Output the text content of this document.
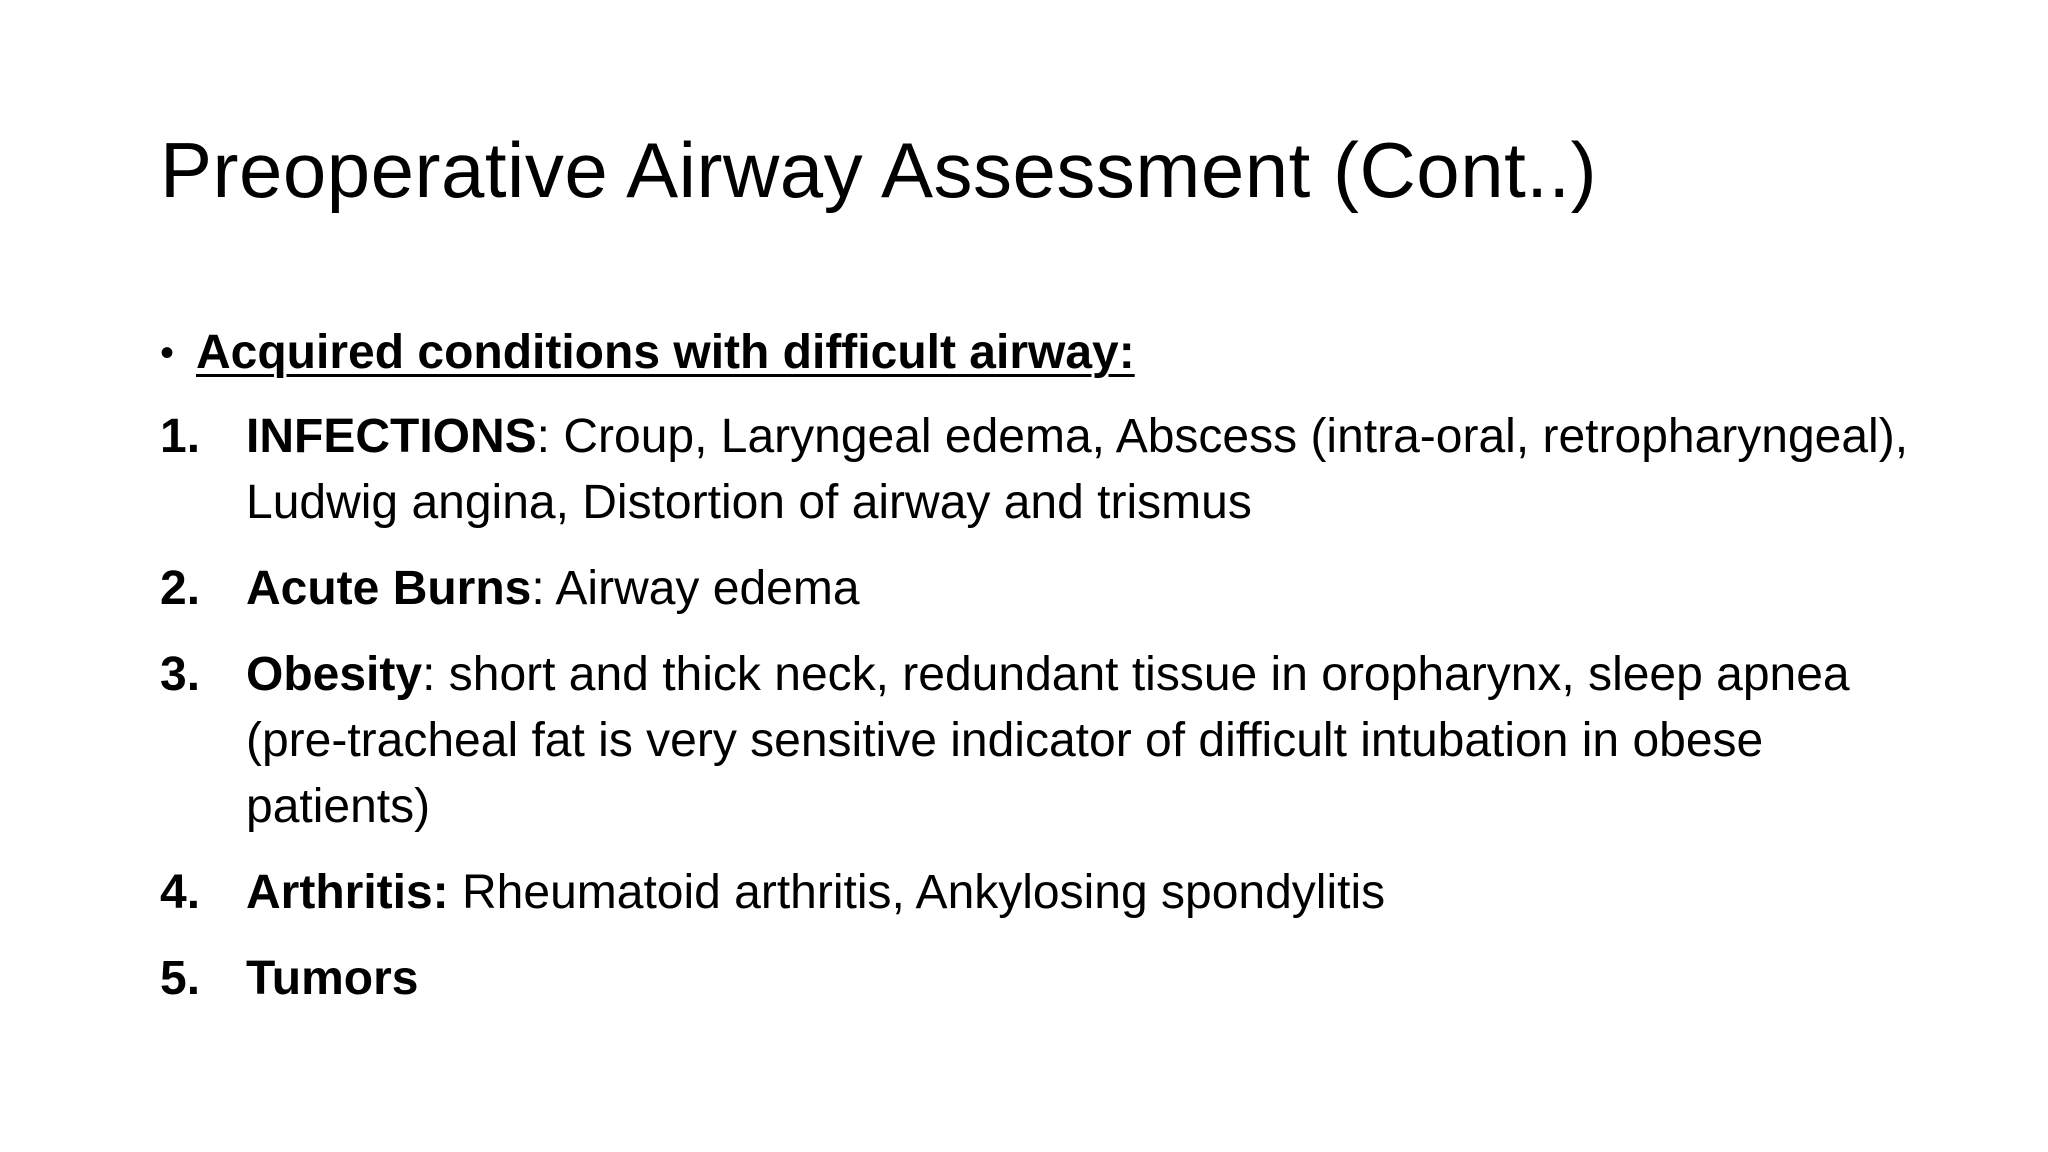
Preoperative Airway Assessment (Cont..)
• Acquired conditions with difficult airway:
1. INFECTIONS: Croup, Laryngeal edema, Abscess (intra-oral, retropharyngeal), Ludwig angina, Distortion of airway and trismus
2. Acute Burns: Airway edema
3. Obesity: short and thick neck, redundant tissue in oropharynx, sleep apnea (pre-tracheal fat is very sensitive indicator of difficult intubation in obese patients)
4. Arthritis: Rheumatoid arthritis, Ankylosing spondylitis
5. Tumors
